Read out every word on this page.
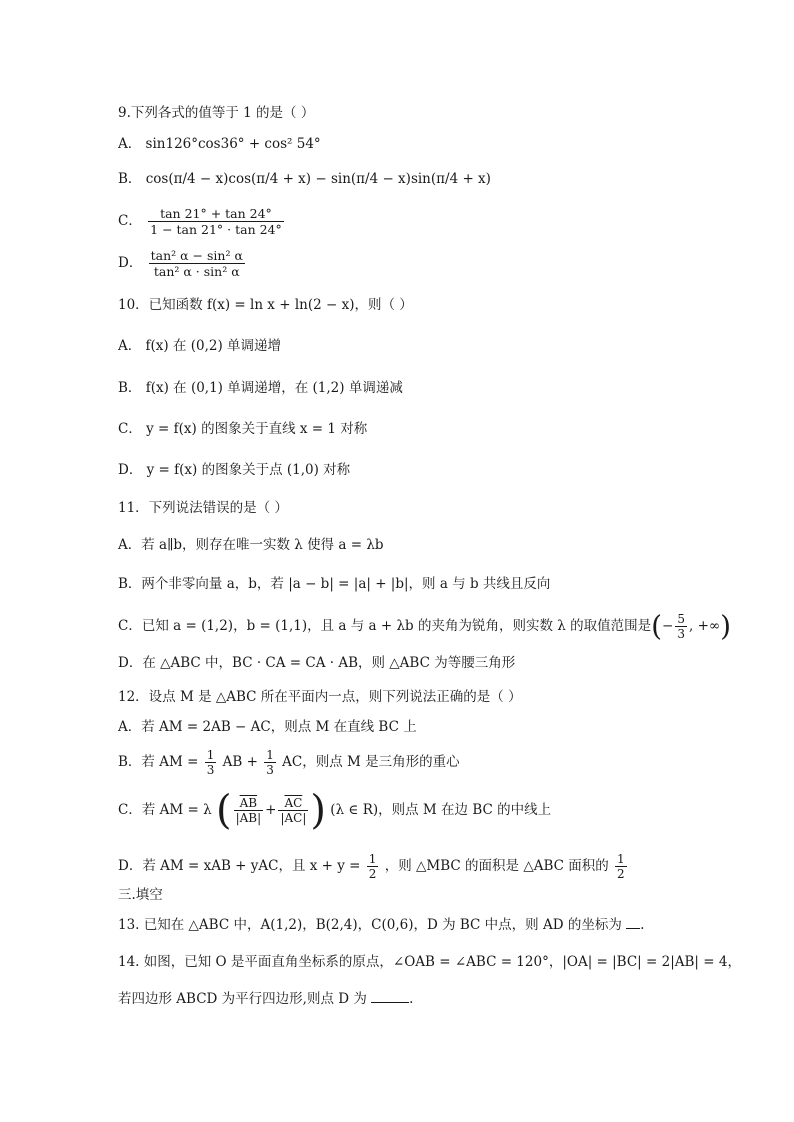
9.下列各式的值等于 1 的是（ ）
A． sin126°cos36° + cos² 54°
B． cos(π/4 − x)cos(π/4 + x) − sin(π/4 − x)sin(π/4 + x)
C． $\frac{\tan 21^\circ + \tan 24^\circ}{1 - \tan 21^\circ \cdot \tan 24^\circ}$
D． $\frac{\text{tan² α − sin² α}}{\text{tan² α · sin² α}}$
10．已知函数 f(x) = ln x + ln(2 − x)，则（ ）
A． f(x) 在 (0,2) 单调递增
B． f(x) 在 (0,1) 单调递增，在 (1,2) 单调递减
C． y = f(x) 的图象关于直线 x = 1 对称
D． y = f(x) 的图象关于点 (1,0) 对称
11．下列说法错误的是（ ）
A．若 a∥b，则存在唯一实数 λ 使得 a = λb
B．两个非零向量 a，b，若 |a − b| = |a| + |b|，则 a 与 b 共线且反向
C．已知 a = (1,2)，b = (1,1)，且 a 与 a + λb 的夹角为锐角，则实数 λ 的取值范围是(− $\frac{5}{3}$ , +∞)
D．在 △ABC 中，BC · CA = CA · AB，则 △ABC 为等腰三角形
12．设点 M 是 △ABC 所在平面内一点，则下列说法正确的是（ ）
A．若 AM = 2AB − AC，则点 M 在直线 BC 上
B．若 AM = $\frac{1}{3}$ AB + $\frac{1}{3}$ AC，则点 M 是三角形的重心
C．若 AM = λ ( $\frac{\overline{AB}}{|AB|} + \frac{\overline{AC}}{|AC|}$ ) (λ ∈ R)，则点 M 在边 BC 的中线上
D．若 AM = xAB + yAC，且 $x + y = \frac{1}{2}$ ，则 △MBC 的面积是 △ABC 面积的 $\frac{1}{2}$
三.填空
13. 已知在 △ABC 中，A(1,2)，B(2,4)，C(0,6)，D 为 BC 中点，则 AD 的坐标为 .
14. 如图，已知 O 是平面直角坐标系的原点，∠OAB = ∠ABC = 120°，|OA| = |BC| = 2|AB| = 4，
若四边形 ABCD 为平行四边形,则点 D 为	.
